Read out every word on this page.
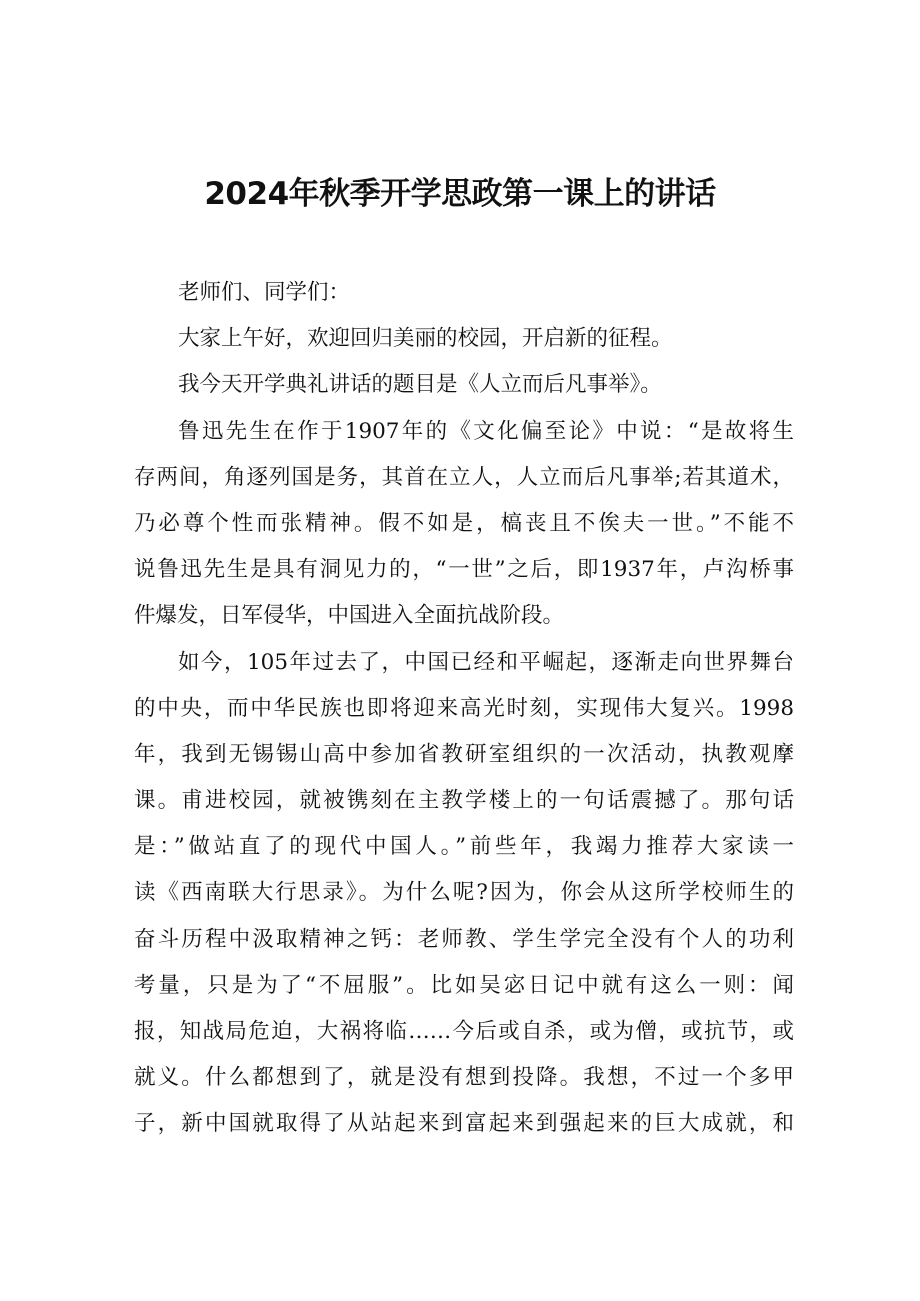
2024年秋季开学思政第一课上的讲话
老师们、同学们：
大家上午好，欢迎回归美丽的校园，开启新的征程。
我今天开学典礼讲话的题目是《人立而后凡事举》。
鲁迅先生在作于1907年的《文化偏至论》中说：“是故将生
存两间，角逐列国是务，其首在立人，人立而后凡事举;若其道术，
乃必尊个性而张精神。假不如是，槁丧且不俟夫一世。”不能不
说鲁迅先生是具有洞见力的，“一世”之后，即1937年，卢沟桥事
件爆发，日军侵华，中国进入全面抗战阶段。
如今，105年过去了，中国已经和平崛起，逐渐走向世界舞台
的中央，而中华民族也即将迎来高光时刻，实现伟大复兴。1998
年，我到无锡锡山高中参加省教研室组织的一次活动，执教观摩
课。甫进校园，就被镌刻在主教学楼上的一句话震撼了。那句话
是：”做站直了的现代中国人。”前些年，我竭力推荐大家读一
读《西南联大行思录》。为什么呢?因为，你会从这所学校师生的
奋斗历程中汲取精神之钙：老师教、学生学完全没有个人的功利
考量，只是为了“不屈服”。比如吴宓日记中就有这么一则：闻
报，知战局危迫，大祸将临……今后或自杀，或为僧，或抗节，或
就义。什么都想到了，就是没有想到投降。我想，不过一个多甲
子，新中国就取得了从站起来到富起来到强起来的巨大成就，和
